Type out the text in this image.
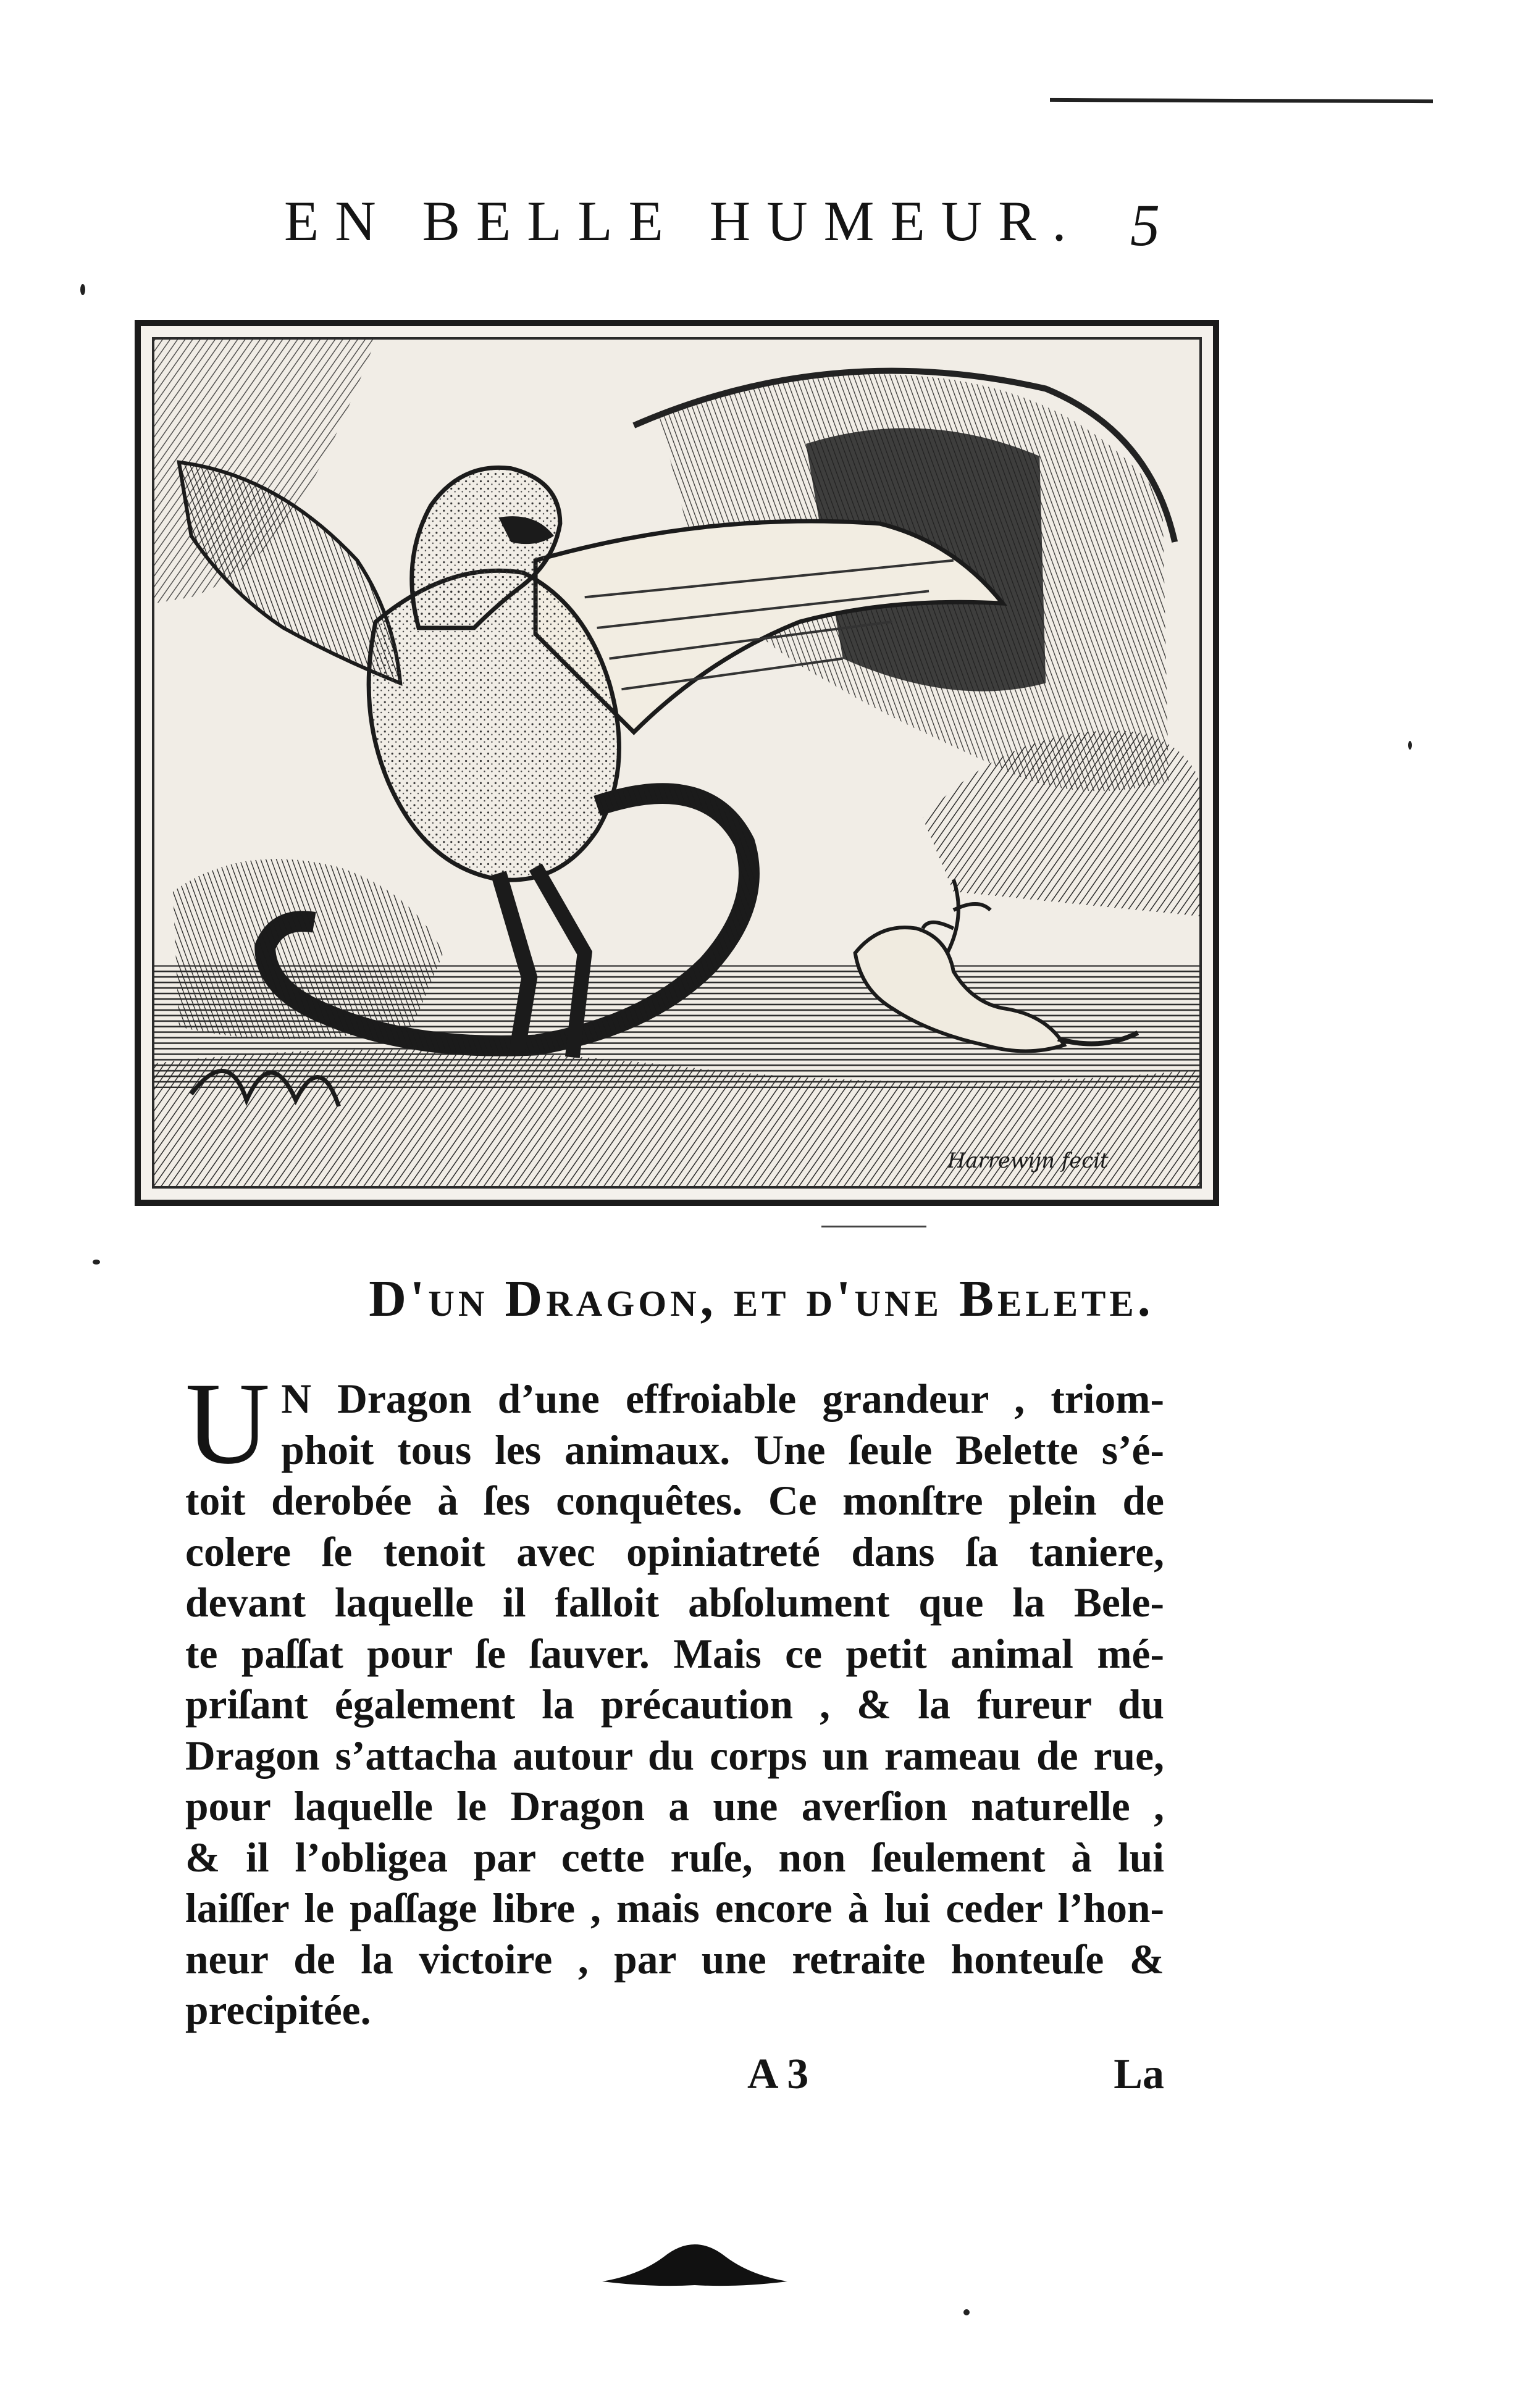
EN BELLE HUMEUR. 5
Harrewijn fecit
D'un Dragon, et d'une Belete.
U N Dragon d’une effroiable grandeur , triom-
phoit tous les animaux. Une ſeule Belette s’é-
toit derobée à ſes conquêtes. Ce monſtre plein de
colere ſe tenoit avec opiniatreté dans ſa taniere,
devant laquelle il falloit abſolument que la Bele-
te paſſat pour ſe ſauver. Mais ce petit animal mé-
priſant également la précaution , & la fureur du
Dragon s’attacha autour du corps un rameau de rue,
pour laquelle le Dragon a une averſion naturelle ,
& il l’obligea par cette ruſe, non ſeulement à lui
laiſſer le paſſage libre , mais encore à lui ceder l’hon-
neur de la victoire , par une retraite honteuſe &
precipitée.
A 3	La
